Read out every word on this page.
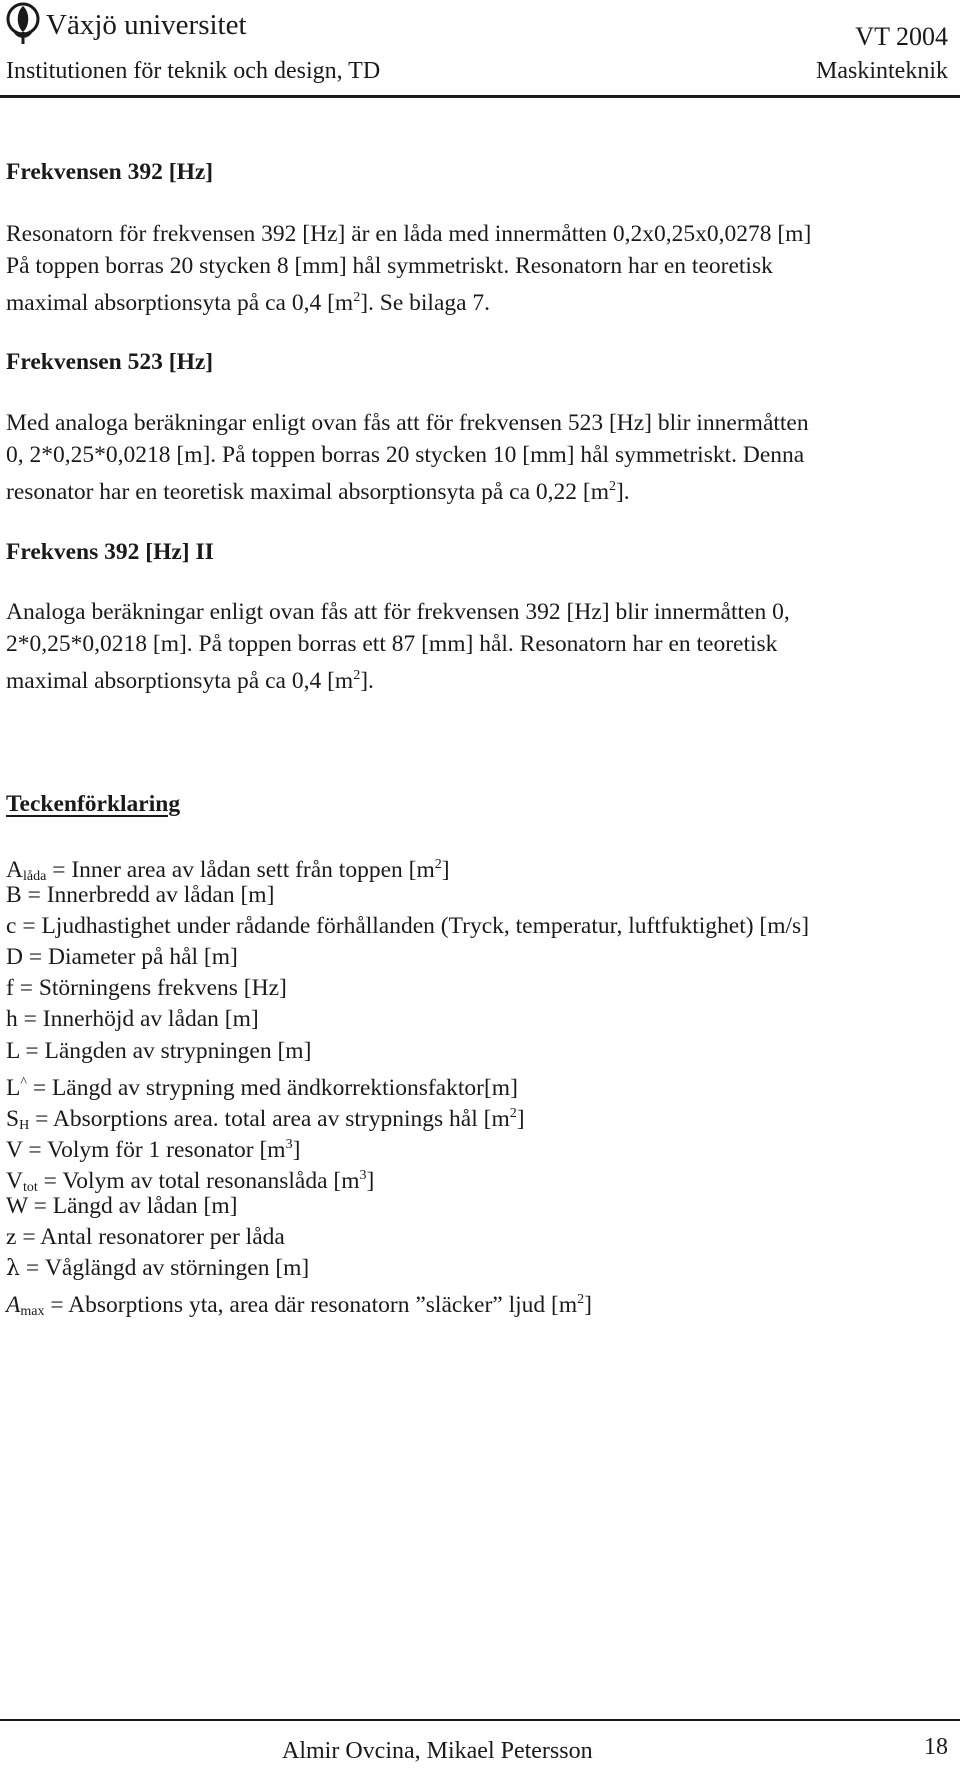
Växjö universitet	VT 2004
Institutionen för teknik och design, TD	Maskinteknik
Frekvensen 392 [Hz]
Resonatorn för frekvensen 392 [Hz] är en låda med innermåtten 0,2x0,25x0,0278 [m]
På toppen borras 20 stycken 8 [mm] hål symmetriskt. Resonatorn har en teoretisk
maximal absorptionsyta på ca 0,4 $[m^2]$. Se bilaga 7.
Frekvensen 523 [Hz]
Med analoga beräkningar enligt ovan fås att för frekvensen 523 [Hz] blir innermåtten
0, 2*0,25*0,0218 [m]. På toppen borras 20 stycken 10 [mm] hål symmetriskt. Denna
resonator har en teoretisk maximal absorptionsyta på ca 0,22 $[m^2]$.
Frekvens 392 [Hz] II
Analoga beräkningar enligt ovan fås att för frekvensen 392 [Hz] blir innermåtten 0,
2*0,25*0,0218 [m]. På toppen borras ett 87 [mm] hål. Resonatorn har en teoretisk
maximal absorptionsyta på ca 0,4 $[m^2]$.
Teckenförklaring
$A_{låda}$ = Inner area av lådan sett från toppen $[m^2]$
B = Innerbredd av lådan [m]
c = Ljudhastighet under rådande förhållanden (Tryck, temperatur, luftfuktighet) [m/s]
D = Diameter på hål [m]
f = Störningens frekvens [Hz]
h = Innerhöjd av lådan [m]
L = Längden av strypningen [m]
L^ = Längd av strypning med ändkorrektionsfaktor[m]
$S_H$ = Absorptions area. total area av strypnings hål $[m^2]$
V = Volym för 1 resonator $[m^3]$
$V_{tot}$ = Volym av total resonanslåda $[m^3]$
W = Längd av lådan [m]
z = Antal resonatorer per låda
λ = Våglängd av störningen [m]
$A_{max}$ = Absorptions yta, area där resonatorn ”släcker” ljud $[m^2]$
Almir Ovcina, Mikael Petersson	18
